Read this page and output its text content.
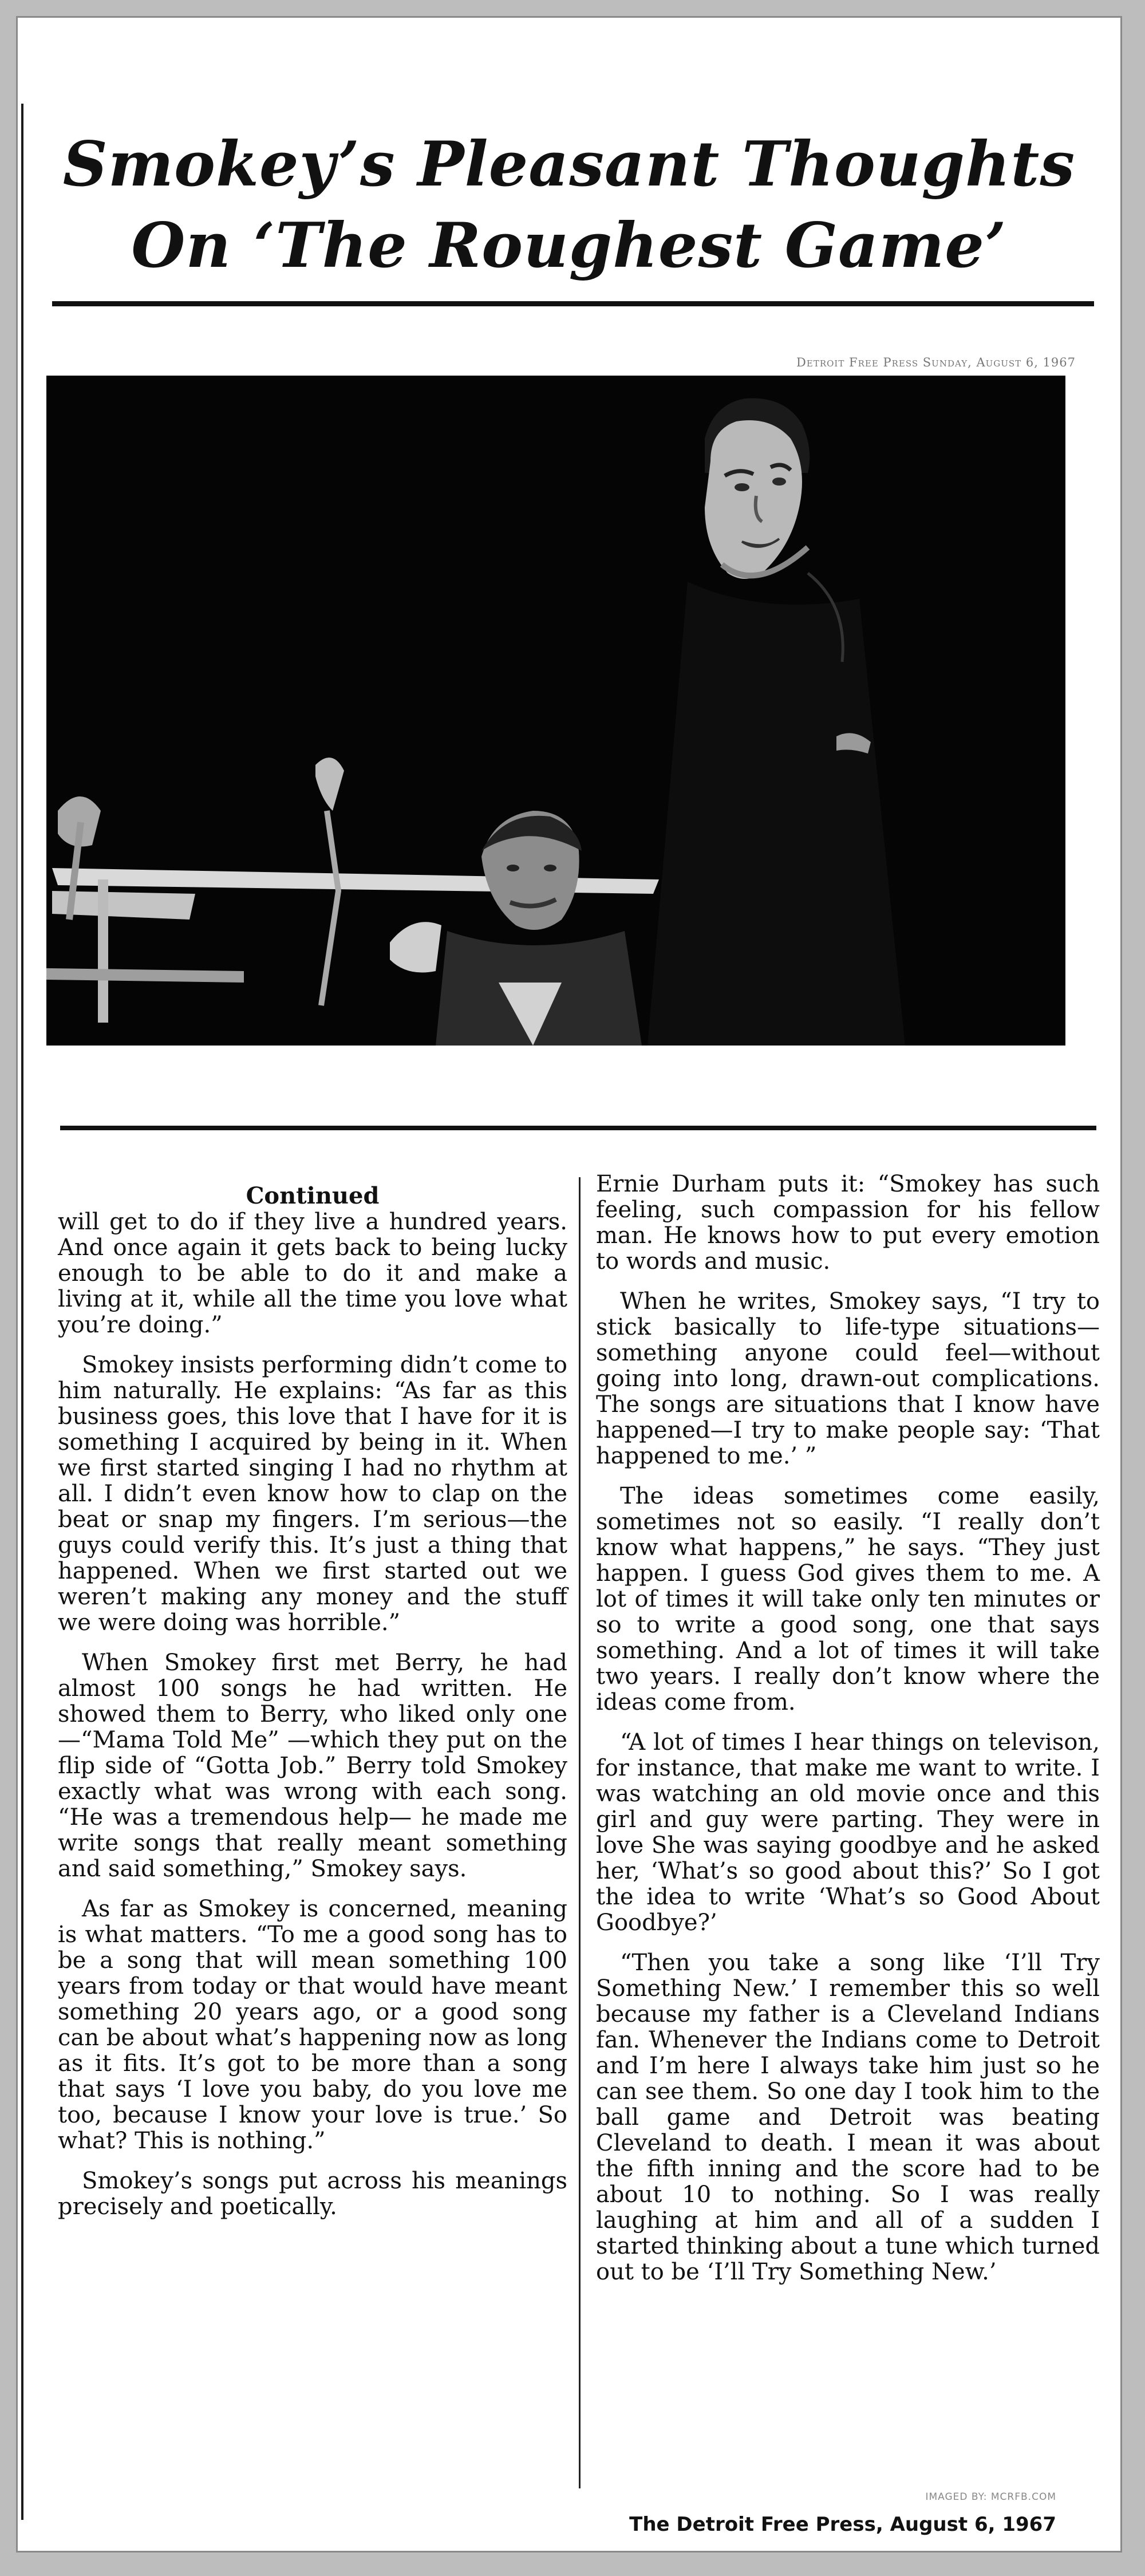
Smokey’s Pleasant Thoughts
On ‘The Roughest Game’
Detroit Free Press Sunday, August 6, 1967
Continued

will get to do if they live a hundred years. And once again it gets back to being lucky enough to be able to do it and make a living at it, while all the time you love what you’re doing.”

Smokey insists performing didn’t come to him naturally. He explains: “As far as this business goes, this love that I have for it is something I acquired by being in it. When we first started singing I had no rhythm at all. I didn’t even know how to clap on the beat or snap my fingers. I’m serious—the guys could verify this. It’s just a thing that happened. When we first started out we weren’t making any money and the stuff we were doing was horrible.”

When Smokey first met Berry, he had almost 100 songs he had written. He showed them to Berry, who liked only one—“Mama Told Me” —which they put on the flip side of “Gotta Job.” Berry told Smokey exactly what was wrong with each song. “He was a tremendous help— he made me write songs that really meant something and said something,” Smokey says.

As far as Smokey is concerned, meaning is what matters. “To me a good song has to be a song that will mean something 100 years from today or that would have meant something 20 years ago, or a good song can be about what’s happening now as long as it fits. It’s got to be more than a song that says ‘I love you baby, do you love me too, because I know your love is true.’ So what? This is nothing.”

Smokey’s songs put across his meanings precisely and poetically.

Ernie Durham puts it: “Smokey has such feeling, such compassion for his fellow man. He knows how to put every emotion to words and music.

When he writes, Smokey says, “I try to stick basically to life-type situations—something anyone could feel—without going into long, drawn-out complications. The songs are situations that I know have happened—I try to make people say: ‘That happened to me.’ ”

The ideas sometimes come easily, sometimes not so easily. “I really don’t know what happens,” he says. “They just happen. I guess God gives them to me. A lot of times it will take only ten minutes or so to write a good song, one that says something. And a lot of times it will take two years. I really don’t know where the ideas come from.

“A lot of times I hear things on televison, for instance, that make me want to write. I was watching an old movie once and this girl and guy were parting. They were in love She was saying goodbye and he asked her, ‘What’s so good about this?’ So I got the idea to write ‘What’s so Good About Goodbye?’

“Then you take a song like ‘I’ll Try Something New.’ I remember this so well because my father is a Cleveland Indians fan. Whenever the Indians come to Detroit and I’m here I always take him just so he can see them. So one day I took him to the ball game and Detroit was beating Cleveland to death. I mean it was about the fifth inning and the score had to be about 10 to nothing. So I was really laughing at him and all of a sudden I started thinking about a tune which turned out to be ‘I’ll Try Something New.’

IMAGED BY: MCRFB.COM
The Detroit Free Press, August 6, 1967
